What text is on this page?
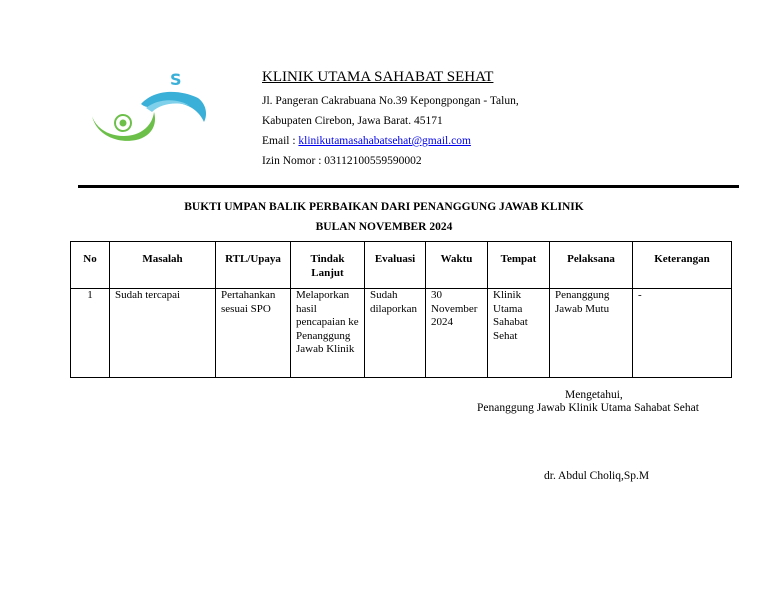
S	KLINIK UTAMA SAHABAT SEHAT
Jl. Pangeran Cakrabuana No.39 Kepongpongan - Talun,
Kabupaten Cirebon, Jawa Barat. 45171
Email : klinikutamasahabatsehat@gmail.com
Izin Nomor : 03112100559590002
BUKTI UMPAN BALIK PERBAIKAN DARI PENANGGUNG JAWAB KLINIK
BULAN NOVEMBER 2024
No	Masalah	RTL/Upaya	Tindak Lanjut	Evaluasi	Waktu	Tempat	Pelaksana	Keterangan
1	Sudah tercapai	Pertahankan sesuai SPO	Melaporkan hasil pencapaian ke Penanggung Jawab Klinik	Sudah dilaporkan	30 November 2024	Klinik Utama Sahabat Sehat	Penanggung Jawab Mutu	-
Mengetahui,
Penanggung Jawab Klinik Utama Sahabat Sehat
dr. Abdul Choliq,Sp.M
